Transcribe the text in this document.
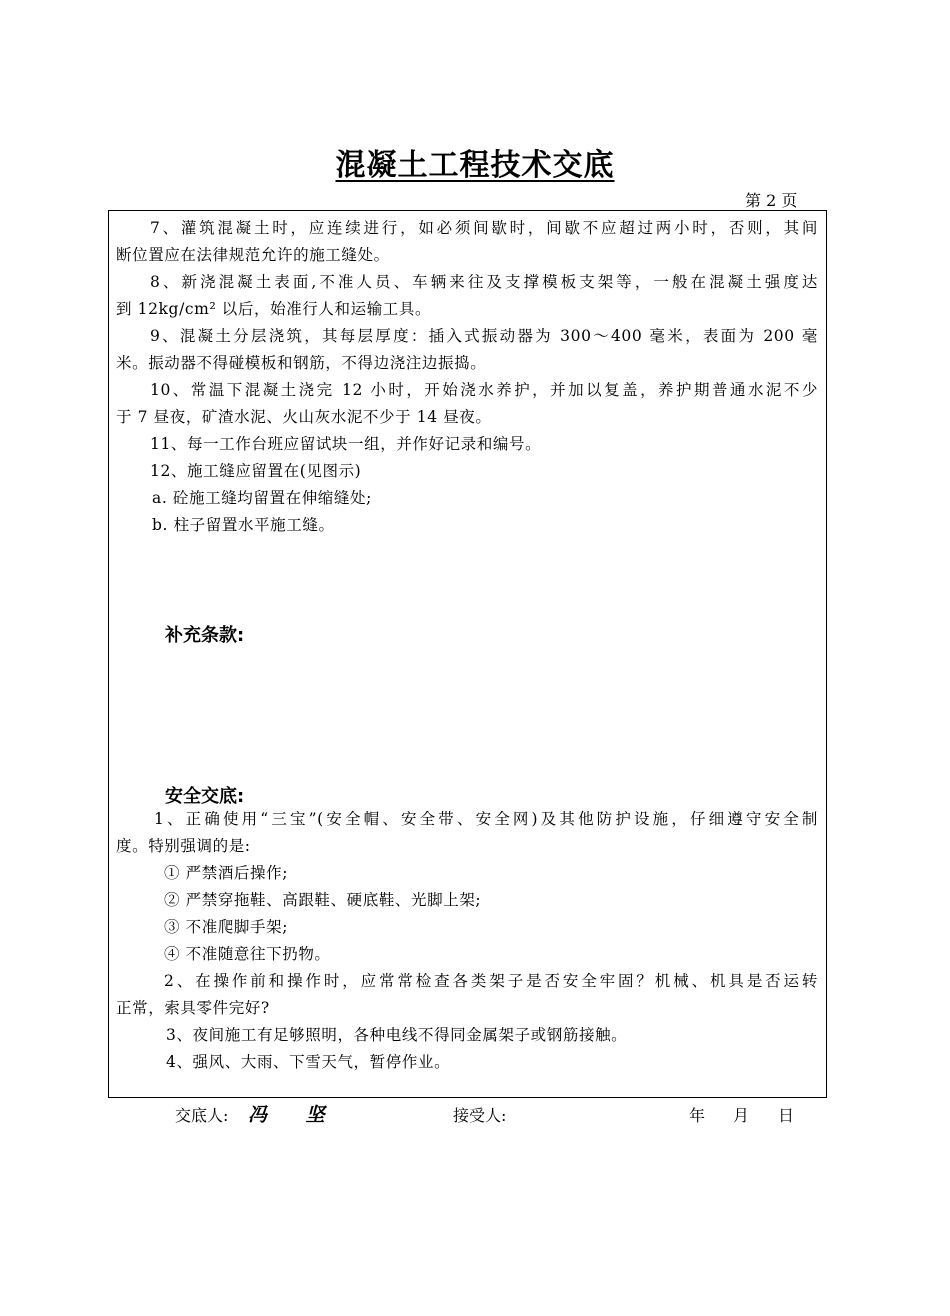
混凝土工程技术交底
第 2 页
7、灌筑混凝土时，应连续进行，如必须间歇时，间歇不应超过两小时，否则，其间
断位置应在法律规范允许的施工缝处。
8、新浇混凝土表面,不准人员、车辆来往及支撑模板支架等，一般在混凝土强度达
到 12kg/cm² 以后，始准行人和运输工具。
9、混凝土分层浇筑，其每层厚度：插入式振动器为 300～400 毫米，表面为 200 毫
米。振动器不得碰模板和钢筋，不得边浇注边振捣。
10、常温下混凝土浇完 12 小时，开始浇水养护，并加以复盖，养护期普通水泥不少
于 7 昼夜，矿渣水泥、火山灰水泥不少于 14 昼夜。
11、每一工作台班应留试块一组，并作好记录和编号。
12、施工缝应留置在(见图示)
a. 砼施工缝均留置在伸缩缝处;
b. 柱子留置水平施工缝。
补充条款:
安全交底:
1、正确使用“三宝”(安全帽、安全带、安全网)及其他防护设施，仔细遵守安全制
度。特别强调的是:
① 严禁酒后操作;
② 严禁穿拖鞋、高跟鞋、硬底鞋、光脚上架;
③ 不准爬脚手架;
④ 不准随意往下扔物。
2、在操作前和操作时，应常常检查各类架子是否安全牢固？机械、机具是否运转
正常，索具零件完好?
3、夜间施工有足够照明，各种电线不得同金属架子或钢筋接触。
4、强风、大雨、下雪天气，暂停作业。
交底人: 冯 坚	接受人:	年 月 日
